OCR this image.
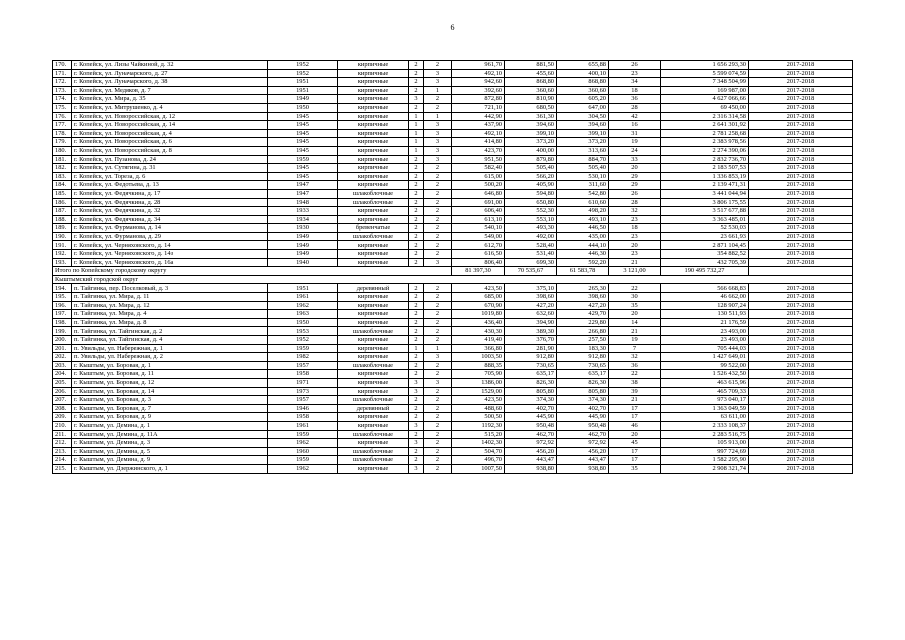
6
170.	г. Копейск, ул. Лизы Чайкиной, д. 32	1952	кирпичные	2	2	961,70	881,50	655,88	26	1 656 293,30	2017-2018
171.	г. Копейск, ул. Луначарского, д. 27	1952	кирпичные	2	3	492,10	455,60	400,10	23	5 599 074,59	2017-2018
172.	г. Копейск, ул. Луначарского, д. 38	1951	кирпичные	2	3	942,60	868,80	868,80	34	7 348 504,99	2017-2018
173.	г. Копейск, ул. Медяков, д. 7	1951	кирпичные	2	1	392,60	360,60	360,60	18	169 987,00	2017-2018
174.	г. Копейск, ул. Мира, д. 35	1949	кирпичные	3	2	872,80	810,90	605,20	36	4 627 066,66	2017-2018
175.	г. Копейск, ул. Митрушенко, д. 4	1950	кирпичные	2	2	721,10	680,50	647,00	28	69 450,00	2017-2018
176.	г. Копейск, ул. Новороссийская, д. 12	1945	кирпичные	1	1	442,90	361,30	304,50	42	2 316 314,58	2017-2018
177.	г. Копейск, ул. Новороссийская, д. 14	1945	кирпичные	1	3	437,90	394,60	394,60	16	2 641 301,92	2017-2018
178.	г. Копейск, ул. Новороссийская, д. 4	1945	кирпичные	1	3	492,10	399,10	399,10	31	2 781 258,68	2017-2018
179.	г. Копейск, ул. Новороссийская, д. 6	1945	кирпичные	1	3	414,80	373,20	373,20	19	2 383 978,56	2017-2018
180.	г. Копейск, ул. Новороссийская, д. 8	1945	кирпичные	1	3	423,70	400,00	313,60	24	2 274 390,06	2017-2018
181.	г. Копейск, ул. Пузанова, д. 24	1959	кирпичные	2	3	951,50	879,80	884,70	33	2 832 736,70	2017-2018
182.	г. Копейск, ул. Сутягина, д. 31	1945	кирпичные	2	2	582,40	505,40	505,40	20	2 183 507,53	2017-2018
183.	г. Копейск, ул. Тореза, д. 6	1945	кирпичные	2	2	615,00	566,20	530,10	29	1 336 853,19	2017-2018
184.	г. Копейск, ул. Федотьева, д. 13	1947	кирпичные	2	2	500,20	405,90	311,60	29	2 139 471,31	2017-2018
185.	г. Копейск, ул. Федячкина, д. 17	1947	шлакоблочные	2	2	646,80	594,80	542,80	26	3 441 044,94	2017-2018
186.	г. Копейск, ул. Федячкина, д. 28	1948	шлакоблочные	2	2	691,00	650,80	610,60	28	3 806 175,55	2017-2018
187.	г. Копейск, ул. Федячкина, д. 32	1933	кирпичные	2	2	606,40	552,30	498,20	32	3 517 677,88	2017-2018
188.	г. Копейск, ул. Федячкина, д. 34	1934	кирпичные	2	2	613,10	553,10	493,10	23	3 363 485,01	2017-2018
189.	г. Копейск, ул. Фурманова, д. 14	1930	бревенчатые	2	2	540,10	493,30	446,50	18	52 530,03	2017-2018
190.	г. Копейск, ул. Фурманова, д. 29	1949	шлакоблочные	2	2	549,00	492,00	435,00	23	23 661,93	2017-2018
191.	г. Копейск, ул. Черняховского, д. 14	1949	кирпичные	2	2	612,70	528,40	444,10	20	2 871 104,45	2017-2018
192.	г. Копейск, ул. Черняховского, д. 14з	1949	кирпичные	2	2	616,50	531,40	446,30	23	354 882,52	2017-2018
193.	г. Копейск, ул. Черняховского, д. 16а	1940	кирпичные	2	3	806,40	699,30	592,20	21	432 705,39	2017-2018
Итого по Копейскому городскому округу						81 397,30	70 535,67	61 583,78	3 121,00	190 495 732,27	
Кыштымский городской округ											
194.	п. Тайгинка, пер. Поселковый, д. 3	1951	деревянный	2	2	423,50	375,10	265,30	22	566 668,83	2017-2018
195.	п. Тайгинка, ул. Мира, д. 11	1961	кирпичные	2	2	685,00	398,60	398,60	30	46 662,00	2017-2018
196.	п. Тайгинка, ул. Мира, д. 12	1962	кирпичные	2	2	670,90	427,20	427,20	35	128 907,24	2017-2018
197.	п. Тайгинка, ул. Мира, д. 4	1963	кирпичные	2	2	1019,80	632,60	429,70	20	130 511,93	2017-2018
198.	п. Тайгинка, ул. Мира, д. 8	1950	кирпичные	2	2	436,40	394,90	229,80	14	21 176,59	2017-2018
199.	п. Тайгинка, ул. Тайгинская, д. 2	1953	шлакоблочные	2	2	430,30	389,30	266,80	21	23 493,00	2017-2018
200.	п. Тайгинка, ул. Тайгинская, д. 4	1952	кирпичные	2	2	419,40	376,70	257,50	19	23 493,00	2017-2018
201.	п. Увильды, ул. Набережная, д. 1	1959	кирпичные	1	1	366,80	281,90	183,30	7	705 444,03	2017-2018
202.	п. Увильды, ул. Набережная, д. 2	1982	кирпичные	2	3	1003,50	912,80	912,80	32	1 427 649,01	2017-2018
203.	г. Кыштым, ул. Боровая, д. 1	1957	шлакоблочные	2	2	888,35	730,65	730,65	36	99 522,00	2017-2018
204.	г. Кыштым, ул. Боровая, д. 11	1958	кирпичные	2	2	705,90	635,17	635,17	22	1 526 432,50	2017-2018
205.	г. Кыштым, ул. Боровая, д. 12	1971	кирпичные	3	3	1386,00	826,30	826,30	38	463 615,96	2017-2018
206.	г. Кыштым, ул. Боровая, д. 14	1973	кирпичные	3	2	1529,00	805,80	805,80	39	465 709,33	2017-2018
207.	г. Кыштым, ул. Боровая, д. 3	1957	шлакоблочные	2	2	423,50	374,30	374,30	21	973 040,17	2017-2018
208.	г. Кыштым, ул. Боровая, д. 7	1946	деревянный	2	2	488,60	402,70	402,70	17	1 363 049,59	2017-2018
209.	г. Кыштым, ул. Боровая, д. 9	1958	кирпичные	2	2	500,50	445,90	445,90	17	63 611,00	2017-2018
210.	г. Кыштым, ул. Демина, д. 1	1961	кирпичные	3	2	1192,30	950,48	950,48	46	2 333 108,37	2017-2018
211.	г. Кыштым, ул. Демина, д. 11А	1959	шлакоблочные	2	2	515,20	462,70	462,70	20	2 283 516,75	2017-2018
212.	г. Кыштым, ул. Демина, д. 3	1962	кирпичные	3	2	1402,30	972,92	972,92	45	105 913,00	2017-2018
213.	г. Кыштым, ул. Демина, д. 5	1960	шлакоблочные	2	2	504,70	456,20	456,20	17	997 724,69	2017-2018
214.	г. Кыштым, ул. Демина, д. 9	1959	шлакоблочные	2	2	496,70	443,47	443,47	17	1 582 295,90	2017-2018
215.	г. Кыштым, ул. Дзержинского, д. 1	1962	кирпичные	3	2	1007,50	938,80	938,80	35	2 908 321,74	2017-2018
